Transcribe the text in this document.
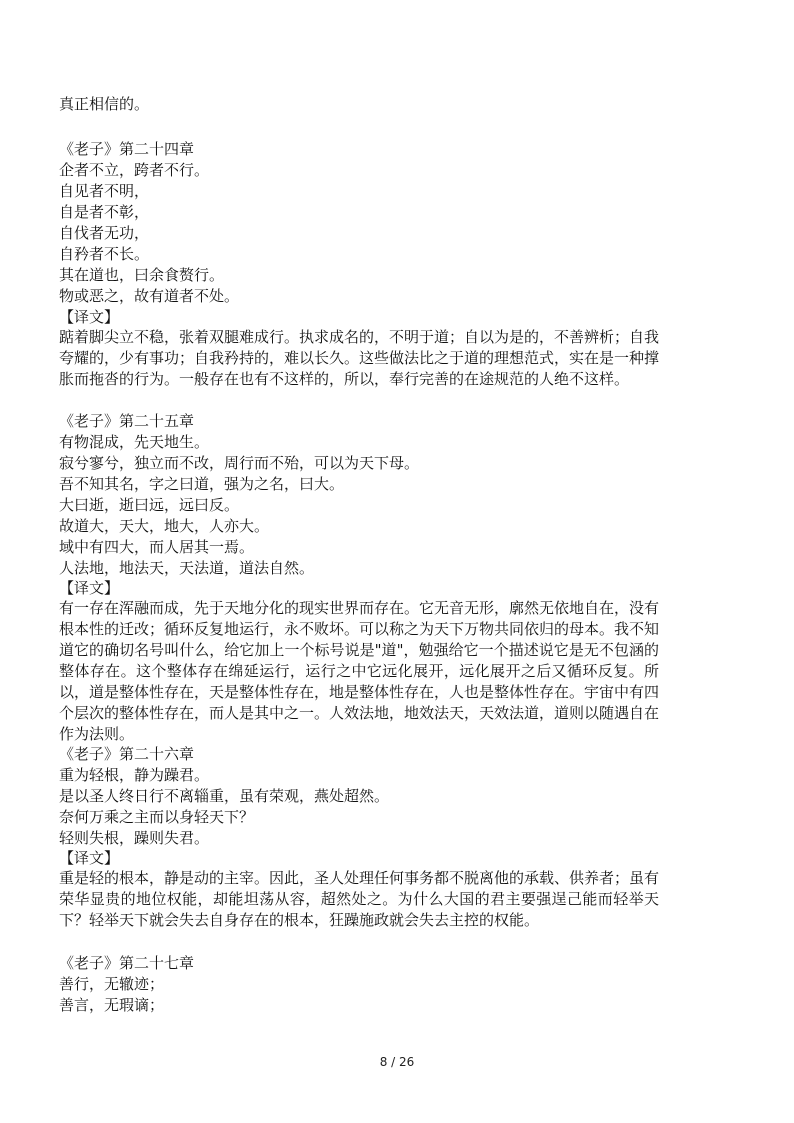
真正相信的。

《老子》第二十四章

企者不立，跨者不行。

自见者不明，

自是者不彰，

自伐者无功，

自矜者不长。

其在道也，曰余食赘行。

物或恶之，故有道者不处。

【译文】

踮着脚尖立不稳，张着双腿难成行。执求成名的，不明于道；自以为是的，不善辨析；自我夸耀的，少有事功；自我矜持的，难以长久。这些做法比之于道的理想范式，实在是一种撑胀而拖沓的行为。一般存在也有不这样的，所以，奉行完善的在途规范的人绝不这样。

《老子》第二十五章

有物混成，先天地生。

寂兮寥兮，独立而不改，周行而不殆，可以为天下母。

吾不知其名，字之曰道，强为之名，曰大。

大曰逝，逝曰远，远曰反。

故道大，天大，地大，人亦大。

域中有四大，而人居其一焉。

人法地，地法天，天法道，道法自然。

【译文】

有一存在浑融而成，先于天地分化的现实世界而存在。它无音无形，廓然无依地自在，没有根本性的迁改；循环反复地运行，永不败坏。可以称之为天下万物共同依归的母本。我不知道它的确切名号叫什么，给它加上一个标号说是"道"，勉强给它一个描述说它是无不包涵的整体存在。这个整体存在绵延运行，运行之中它远化展开，远化展开之后又循环反复。所以，道是整体性存在，天是整体性存在，地是整体性存在，人也是整体性存在。宇宙中有四个层次的整体性存在，而人是其中之一。人效法地，地效法天，天效法道，道则以随遇自在作为法则。

《老子》第二十六章

重为轻根，静为躁君。

是以圣人终日行不离辎重，虽有荣观，燕处超然。

奈何万乘之主而以身轻天下？

轻则失根，躁则失君。

【译文】

重是轻的根本，静是动的主宰。因此，圣人处理任何事务都不脱离他的承载、供养者；虽有荣华显贵的地位权能，却能坦荡从容，超然处之。为什么大国的君主要强逞己能而轻举天下？轻举天下就会失去自身存在的根本，狂躁施政就会失去主控的权能。

《老子》第二十七章

善行，无辙迹；

善言，无瑕谪；

8 / 26
